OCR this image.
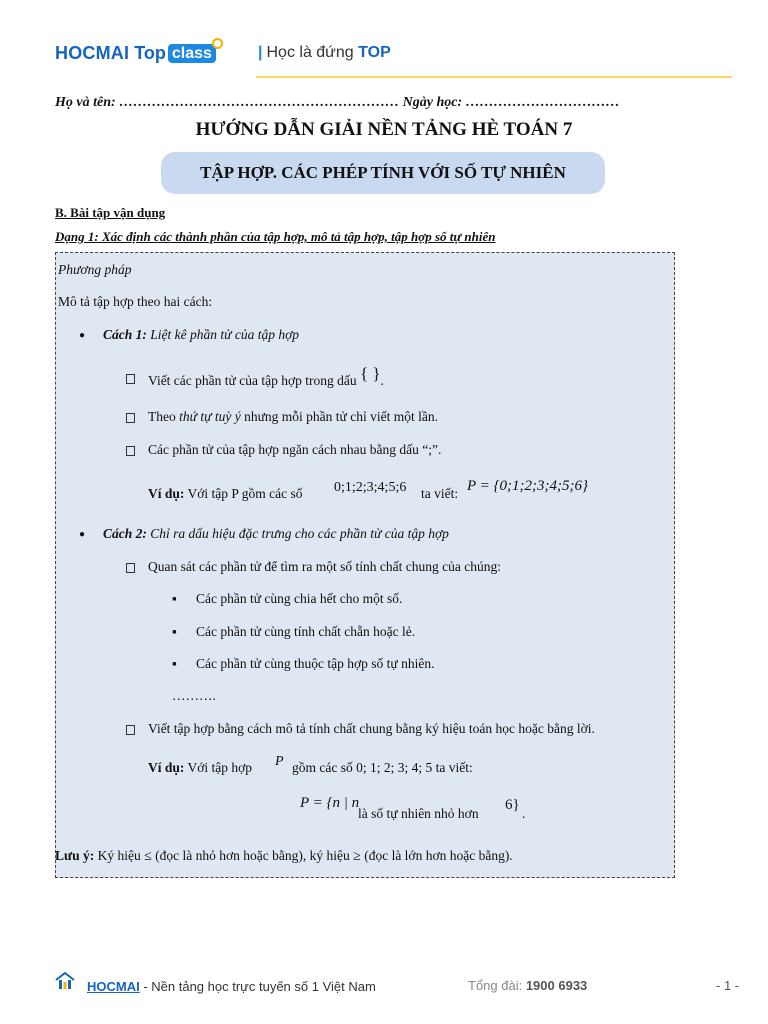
HOCMAI Top class	| Học là đứng TOP
Họ và tên: …………………………………………………… Ngày học: ……………………………
HƯỚNG DẪN GIẢI NỀN TẢNG HÈ TOÁN 7
TẬP HỢP. CÁC PHÉP TÍNH VỚI SỐ TỰ NHIÊN
B. Bài tập vận dụng
Dạng 1: Xác định các thành phần của tập hợp, mô tả tập hợp, tập hợp số tự nhiên
Phương pháp
Mô tả tập hợp theo hai cách:
● Cách 1: Liệt kê phần tử của tập hợp
Viết các phần tử của tập hợp trong dấu { }.
Theo thứ tự tuỳ ý nhưng mỗi phần tử chỉ viết một lần.
Các phần tử của tập hợp ngăn cách nhau bằng dấu “;”.
Ví dụ: Với tập P gồm các số 0;1;2;3;4;5;6 ta viết: P = {0;1;2;3;4;5;6}
● Cách 2: Chỉ ra dấu hiệu đặc trưng cho các phần tử của tập hợp
Quan sát các phần tử để tìm ra một số tính chất chung của chúng:
▪ Các phần tử cùng chia hết cho một số.
▪ Các phần tử cùng tính chất chẵn hoặc lẻ.
▪ Các phần tử cùng thuộc tập hợp số tự nhiên.
……….
Viết tập hợp bằng cách mô tả tính chất chung bằng ký hiệu toán học hoặc bằng lời.
Ví dụ: Với tập hợp P gồm các số 0; 1; 2; 3; 4; 5 ta viết:
P = {n | n
là số tự nhiên nhỏ hơn
6}
.
Lưu ý: Ký hiệu ≤ (đọc là nhỏ hơn hoặc bằng), ký hiệu ≥ (đọc là lớn hơn hoặc bằng).
HOCMAI - Nền tảng học trực tuyến số 1 Việt Nam	Tổng đài: 1900 6933	- 1 -
